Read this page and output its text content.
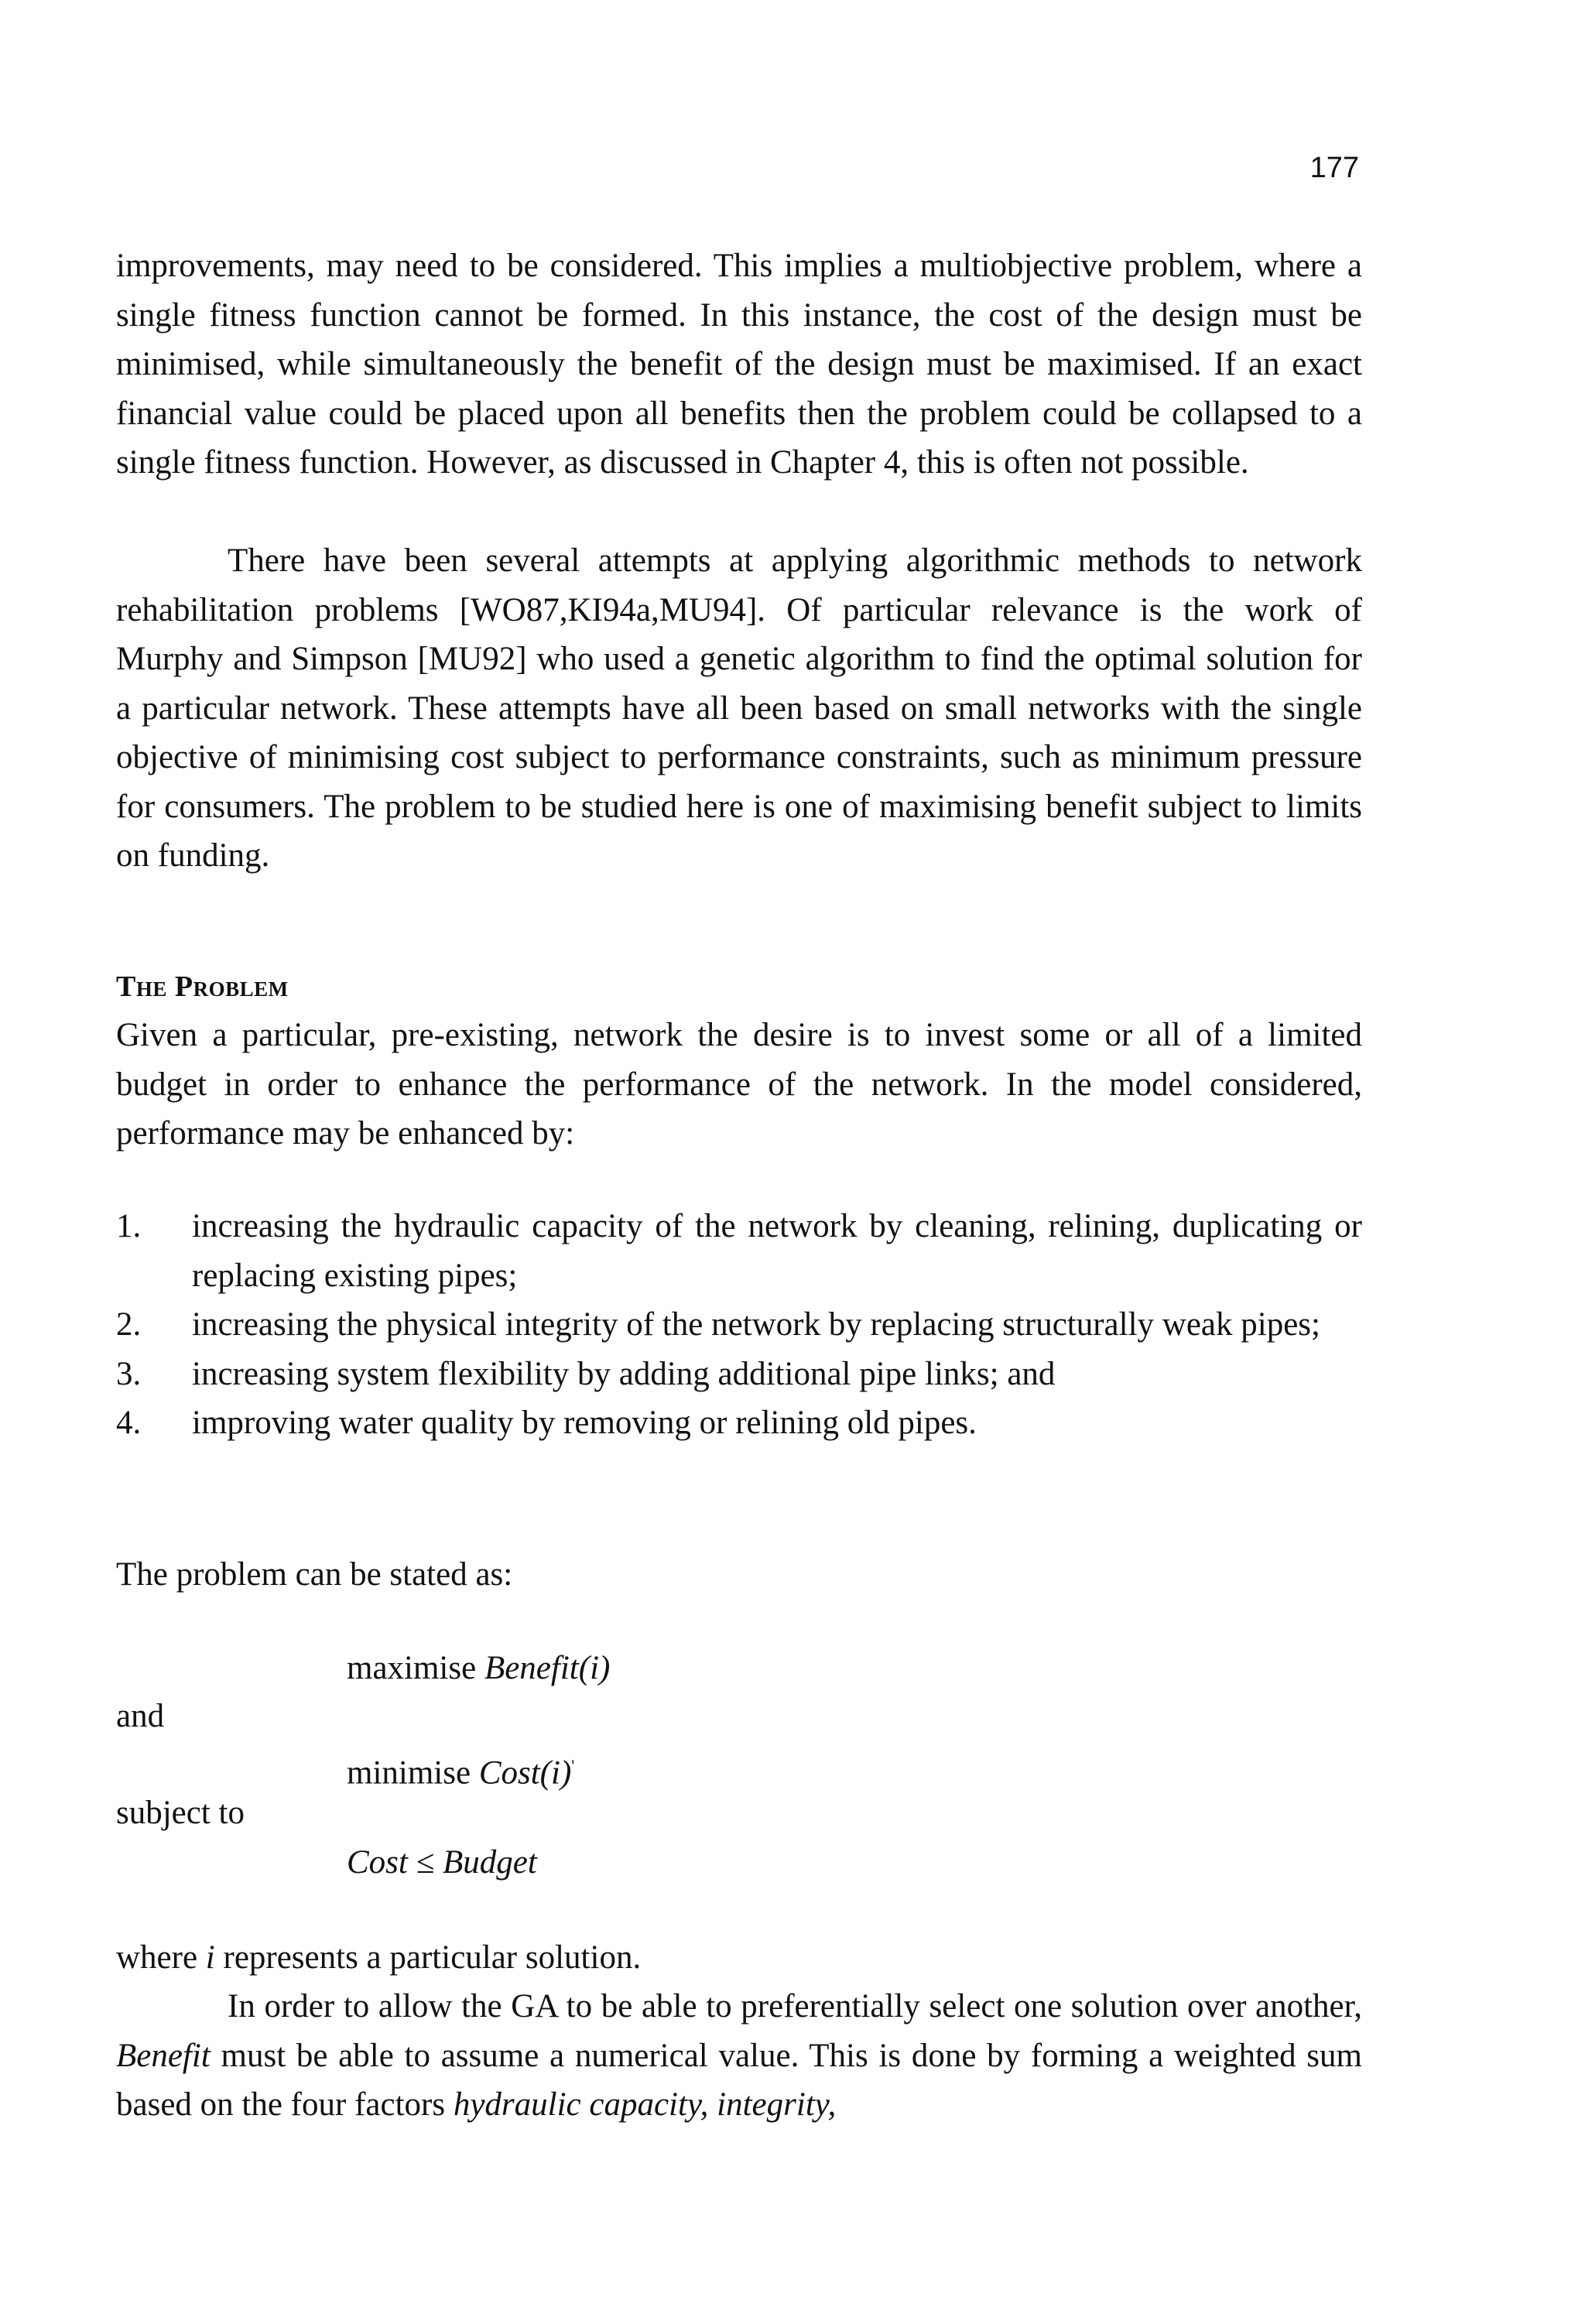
177

improvements, may need to be considered. This implies a multiobjective problem, where a single fitness function cannot be formed. In this instance, the cost of the design must be minimised, while simultaneously the benefit of the design must be maximised. If an exact financial value could be placed upon all benefits then the problem could be collapsed to a single fitness function. However, as discussed in Chapter 4, this is often not possible.

There have been several attempts at applying algorithmic methods to network rehabilitation problems [WO87,KI94a,MU94]. Of particular relevance is the work of Murphy and Simpson [MU92] who used a genetic algorithm to find the optimal solution for a particular network. These attempts have all been based on small networks with the single objective of minimising cost subject to performance constraints, such as minimum pressure for consumers. The problem to be studied here is one of maximising benefit subject to limits on funding.

The Problem

Given a particular, pre-existing, network the desire is to invest some or all of a limited budget in order to enhance the performance of the network. In the model considered, performance may be enhanced by:

1.	increasing the hydraulic capacity of the network by cleaning, relining, duplicating or replacing existing pipes;
2.	increasing the physical integrity of the network by replacing structurally weak pipes;
3.	increasing system flexibility by adding additional pipe links; and
4.	improving water quality by removing or relining old pipes.
The problem can be stated as:
maximise Benefit(i)
and
minimise Cost(i)'
subject to
Cost ≤ Budget

where i represents a particular solution.

In order to allow the GA to be able to preferentially select one solution over another, Benefit must be able to assume a numerical value. This is done by forming a weighted sum based on the four factors hydraulic capacity, integrity,
